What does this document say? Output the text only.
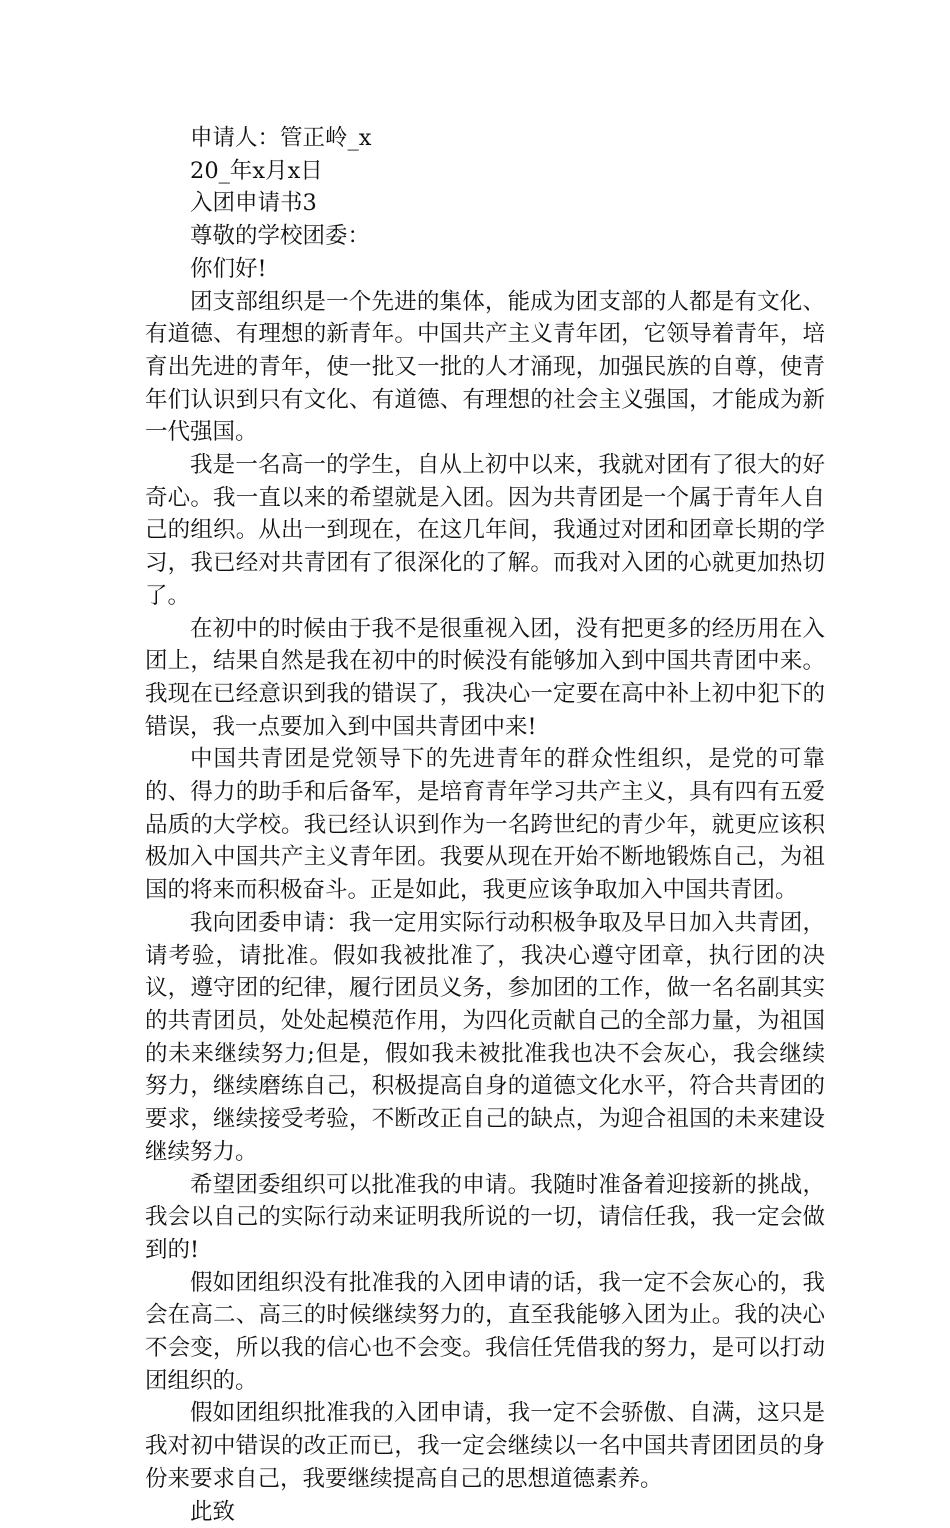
申请人：管正岭_x

20_年x月x日

入团申请书3

尊敬的学校团委：

你们好!

团支部组织是一个先进的集体，能成为团支部的人都是有文化、有道德、有理想的新青年。中国共产主义青年团，它领导着青年，培育出先进的青年，使一批又一批的人才涌现，加强民族的自尊，使青年们认识到只有文化、有道德、有理想的社会主义强国，才能成为新一代强国。

我是一名高一的学生，自从上初中以来，我就对团有了很大的好奇心。我一直以来的希望就是入团。因为共青团是一个属于青年人自己的组织。从出一到现在，在这几年间，我通过对团和团章长期的学习，我已经对共青团有了很深化的了解。而我对入团的心就更加热切了。

在初中的时候由于我不是很重视入团，没有把更多的经历用在入团上，结果自然是我在初中的时候没有能够加入到中国共青团中来。我现在已经意识到我的错误了，我决心一定要在高中补上初中犯下的错误，我一点要加入到中国共青团中来!

中国共青团是党领导下的先进青年的群众性组织，是党的可靠的、得力的助手和后备军，是培育青年学习共产主义，具有四有五爱品质的大学校。我已经认识到作为一名跨世纪的青少年，就更应该积极加入中国共产主义青年团。我要从现在开始不断地锻炼自己，为祖国的将来而积极奋斗。正是如此，我更应该争取加入中国共青团。

我向团委申请：我一定用实际行动积极争取及早日加入共青团，请考验，请批准。假如我被批准了，我决心遵守团章，执行团的决议，遵守团的纪律，履行团员义务，参加团的工作，做一名名副其实的共青团员，处处起模范作用，为四化贡献自己的全部力量，为祖国的未来继续努力;但是，假如我未被批准我也决不会灰心，我会继续努力，继续磨练自己，积极提高自身的道德文化水平，符合共青团的要求，继续接受考验，不断改正自己的缺点，为迎合祖国的未来建设继续努力。

希望团委组织可以批准我的申请。我随时准备着迎接新的挑战，我会以自己的实际行动来证明我所说的一切，请信任我，我一定会做到的!

假如团组织没有批准我的入团申请的话，我一定不会灰心的，我会在高二、高三的时候继续努力的，直至我能够入团为止。我的决心不会变，所以我的信心也不会变。我信任凭借我的努力，是可以打动团组织的。

假如团组织批准我的入团申请，我一定不会骄傲、自满，这只是我对初中错误的改正而已，我一定会继续以一名中国共青团团员的身份来要求自己，我要继续提高自己的思想道德素养。

此致
